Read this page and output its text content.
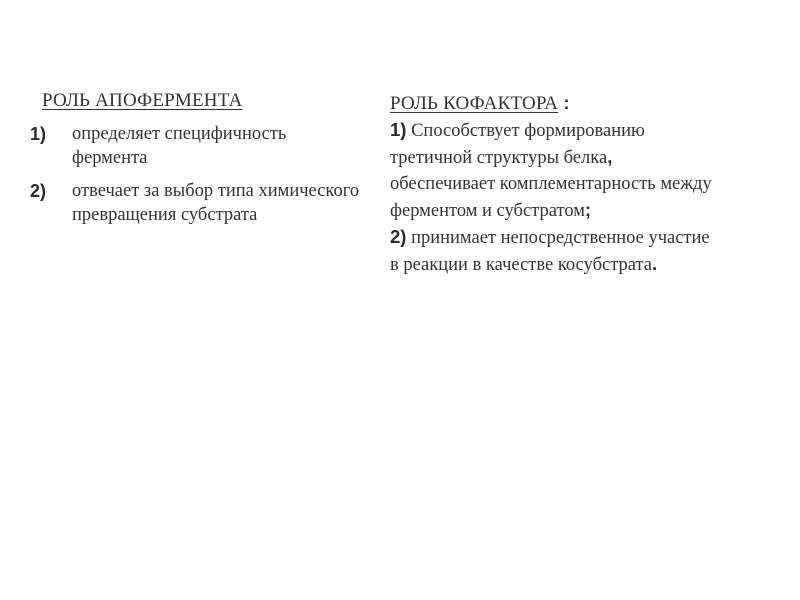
РОЛЬ АПОФЕРМЕНТА
1) определяет специфичность фермента
2) отвечает за выбор типа химического превращения субстрата
РОЛЬ КОФАКТОРА :
1) Способствует формированию
третичной структуры белка,
обеспечивает комплементарность между
ферментом и субстратом;
2) принимает непосредственное участие
в реакции в качестве косубстрата.
